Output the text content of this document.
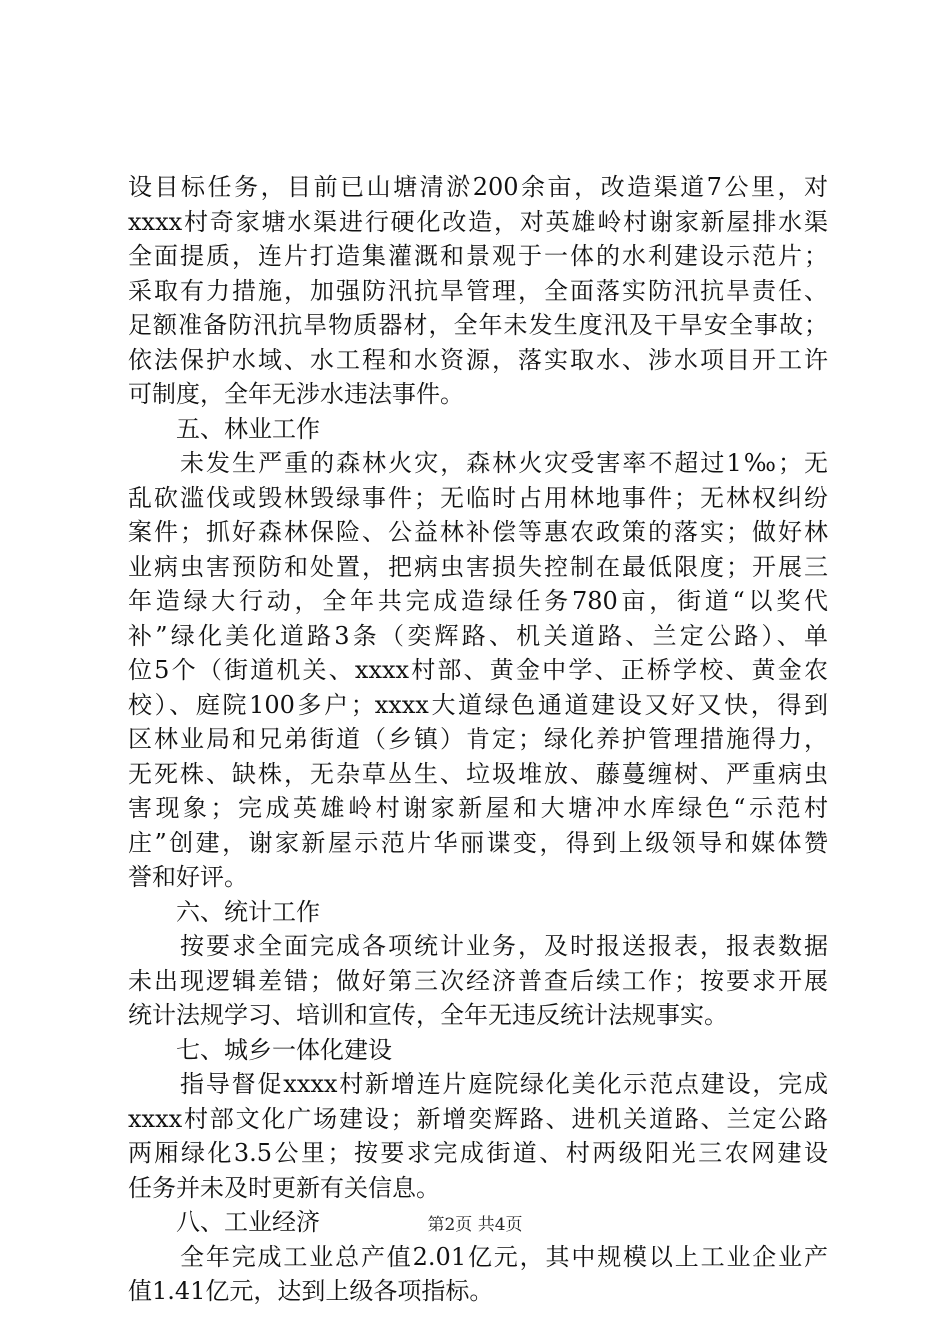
设目标任务，目前已山塘清淤200余亩，改造渠道7公里，对
xxxx村奇家塘水渠进行硬化改造，对英雄岭村谢家新屋排水渠
全面提质，连片打造集灌溉和景观于一体的水利建设示范片；
采取有力措施，加强防汛抗旱管理，全面落实防汛抗旱责任、
足额准备防汛抗旱物质器材，全年未发生度汛及干旱安全事故；
依法保护水域、水工程和水资源，落实取水、涉水项目开工许
可制度，全年无涉水违法事件。
五、林业工作
未发生严重的森林火灾，森林火灾受害率不超过1‰；无
乱砍滥伐或毁林毁绿事件；无临时占用林地事件；无林权纠纷
案件；抓好森林保险、公益林补偿等惠农政策的落实；做好林
业病虫害预防和处置，把病虫害损失控制在最低限度；开展三
年造绿大行动，全年共完成造绿任务780亩，街道“以奖代
补”绿化美化道路3条（奕辉路、机关道路、兰定公路）、单
位5个（街道机关、xxxx村部、黄金中学、正桥学校、黄金农
校）、庭院100多户；xxxx大道绿色通道建设又好又快，得到
区林业局和兄弟街道（乡镇）肯定；绿化养护管理措施得力，
无死株、缺株，无杂草丛生、垃圾堆放、藤蔓缠树、严重病虫
害现象；完成英雄岭村谢家新屋和大塘冲水库绿色“示范村
庄”创建，谢家新屋示范片华丽谍变，得到上级领导和媒体赞
誉和好评。
六、统计工作
按要求全面完成各项统计业务，及时报送报表，报表数据
未出现逻辑差错；做好第三次经济普查后续工作；按要求开展
统计法规学习、培训和宣传，全年无违反统计法规事实。
七、城乡一体化建设
指导督促xxxx村新增连片庭院绿化美化示范点建设，完成
xxxx村部文化广场建设；新增奕辉路、进机关道路、兰定公路
两厢绿化3.5公里；按要求完成街道、村两级阳光三农网建设
任务并未及时更新有关信息。
八、工业经济
全年完成工业总产值2.01亿元，其中规模以上工业企业产
值1.41亿元，达到上级各项指标。
第2页 共4页
